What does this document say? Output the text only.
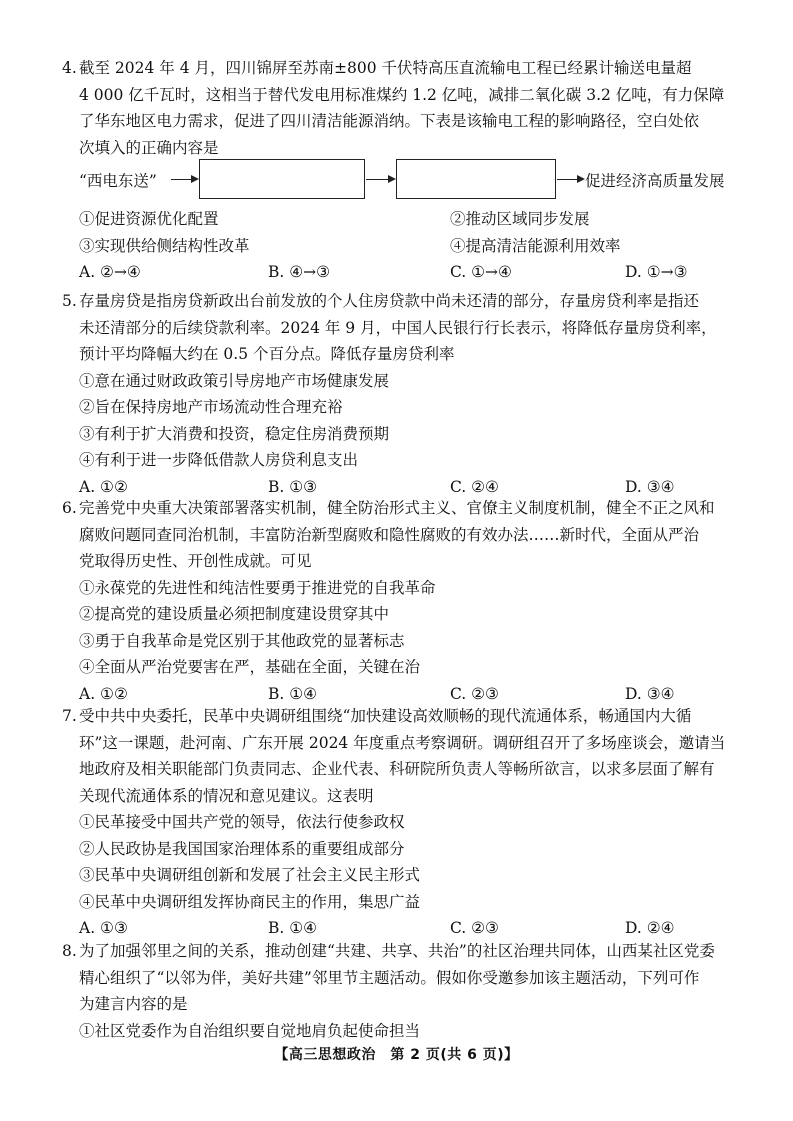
4. 截至 2024 年 4 月，四川锦屏至苏南±800 千伏特高压直流输电工程已经累计输送电量超
4 000 亿千瓦时，这相当于替代发电用标准煤约 1.2 亿吨，减排二氧化碳 3.2 亿吨，有力保障
了华东地区电力需求，促进了四川清洁能源消纳。下表是该输电工程的影响路径，空白处依
次填入的正确内容是
“西电东送”	促进经济高质量发展
①促进资源优化配置	②推动区域同步发展
③实现供给侧结构性改革	④提高清洁能源利用效率
A. ②→④	B. ④→③	C. ①→④	D. ①→③
5. 存量房贷是指房贷新政出台前发放的个人住房贷款中尚未还清的部分，存量房贷利率是指还
未还清部分的后续贷款利率。2024 年 9 月，中国人民银行行长表示，将降低存量房贷利率，
预计平均降幅大约在 0.5 个百分点。降低存量房贷利率
①意在通过财政政策引导房地产市场健康发展
②旨在保持房地产市场流动性合理充裕
③有利于扩大消费和投资，稳定住房消费预期
④有利于进一步降低借款人房贷利息支出
A. ①②	B. ①③	C. ②④	D. ③④
6. 完善党中央重大决策部署落实机制，健全防治形式主义、官僚主义制度机制，健全不正之风和
腐败问题同查同治机制，丰富防治新型腐败和隐性腐败的有效办法……新时代，全面从严治
党取得历史性、开创性成就。可见
①永葆党的先进性和纯洁性要勇于推进党的自我革命
②提高党的建设质量必须把制度建设贯穿其中
③勇于自我革命是党区别于其他政党的显著标志
④全面从严治党要害在严，基础在全面，关键在治
A. ①②	B. ①④	C. ②③	D. ③④
7. 受中共中央委托，民革中央调研组围绕“加快建设高效顺畅的现代流通体系，畅通国内大循
环”这一课题，赴河南、广东开展 2024 年度重点考察调研。调研组召开了多场座谈会，邀请当
地政府及相关职能部门负责同志、企业代表、科研院所负责人等畅所欲言，以求多层面了解有
关现代流通体系的情况和意见建议。这表明
①民革接受中国共产党的领导，依法行使参政权
②人民政协是我国国家治理体系的重要组成部分
③民革中央调研组创新和发展了社会主义民主形式
④民革中央调研组发挥协商民主的作用，集思广益
A. ①③	B. ①④	C. ②③	D. ②④
8. 为了加强邻里之间的关系，推动创建“共建、共享、共治”的社区治理共同体，山西某社区党委
精心组织了“以邻为伴，美好共建”邻里节主题活动。假如你受邀参加该主题活动，下列可作
为建言内容的是
①社区党委作为自治组织要自觉地肩负起使命担当
【高三思想政治　第 2 页(共 6 页)】
